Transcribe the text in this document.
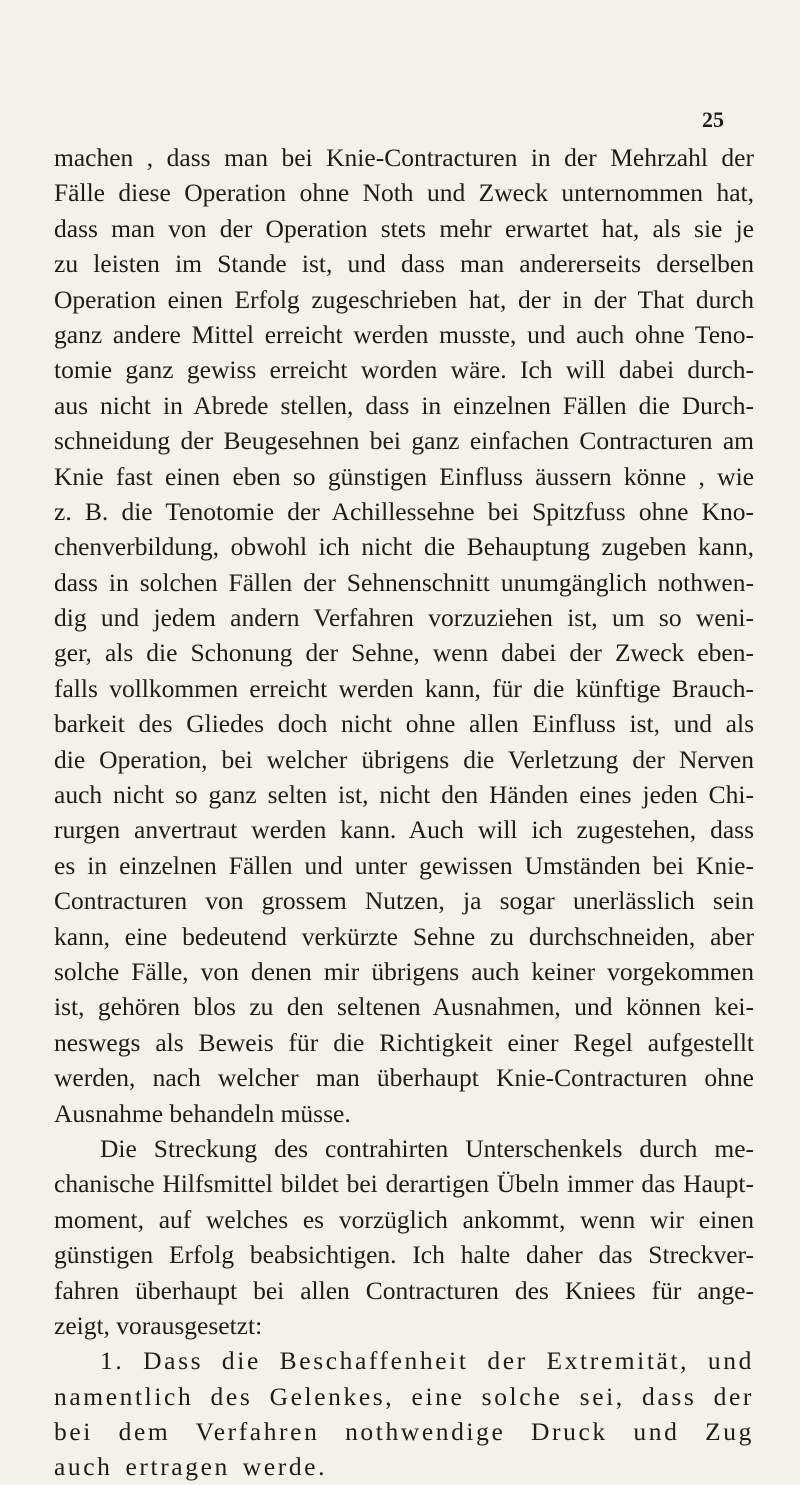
25
machen , dass man bei Knie-Contracturen in der Mehrzahl der
Fälle diese Operation ohne Noth und Zweck unternommen hat,
dass man von der Operation stets mehr erwartet hat, als sie je
zu leisten im Stande ist, und dass man andererseits derselben
Operation einen Erfolg zugeschrieben hat, der in der That durch
ganz andere Mittel erreicht werden musste, und auch ohne Teno-
tomie ganz gewiss erreicht worden wäre. Ich will dabei durch-
aus nicht in Abrede stellen, dass in einzelnen Fällen die Durch-
schneidung der Beugesehnen bei ganz einfachen Contracturen am
Knie fast einen eben so günstigen Einfluss äussern könne , wie
z. B. die Tenotomie der Achillessehne bei Spitzfuss ohne Kno-
chenverbildung, obwohl ich nicht die Behauptung zugeben kann,
dass in solchen Fällen der Sehnenschnitt unumgänglich nothwen-
dig und jedem andern Verfahren vorzuziehen ist, um so weni-
ger, als die Schonung der Sehne, wenn dabei der Zweck eben-
falls vollkommen erreicht werden kann, für die künftige Brauch-
barkeit des Gliedes doch nicht ohne allen Einfluss ist, und als
die Operation, bei welcher übrigens die Verletzung der Nerven
auch nicht so ganz selten ist, nicht den Händen eines jeden Chi-
rurgen anvertraut werden kann. Auch will ich zugestehen, dass
es in einzelnen Fällen und unter gewissen Umständen bei Knie-
Contracturen von grossem Nutzen, ja sogar unerlässlich sein
kann, eine bedeutend verkürzte Sehne zu durchschneiden, aber
solche Fälle, von denen mir übrigens auch keiner vorgekommen
ist, gehören blos zu den seltenen Ausnahmen, und können kei-
neswegs als Beweis für die Richtigkeit einer Regel aufgestellt
werden, nach welcher man überhaupt Knie-Contracturen ohne
Ausnahme behandeln müsse.
Die Streckung des contrahirten Unterschenkels durch me-
chanische Hilfsmittel bildet bei derartigen Übeln immer das Haupt-
moment, auf welches es vorzüglich ankommt, wenn wir einen
günstigen Erfolg beabsichtigen. Ich halte daher das Streckver-
fahren überhaupt bei allen Contracturen des Kniees für ange-
zeigt, vorausgesetzt:
1. Dass die Beschaffenheit der Extremität, und
namentlich des Gelenkes, eine solche sei, dass der
bei dem Verfahren nothwendige Druck und Zug
auch ertragen werde.
